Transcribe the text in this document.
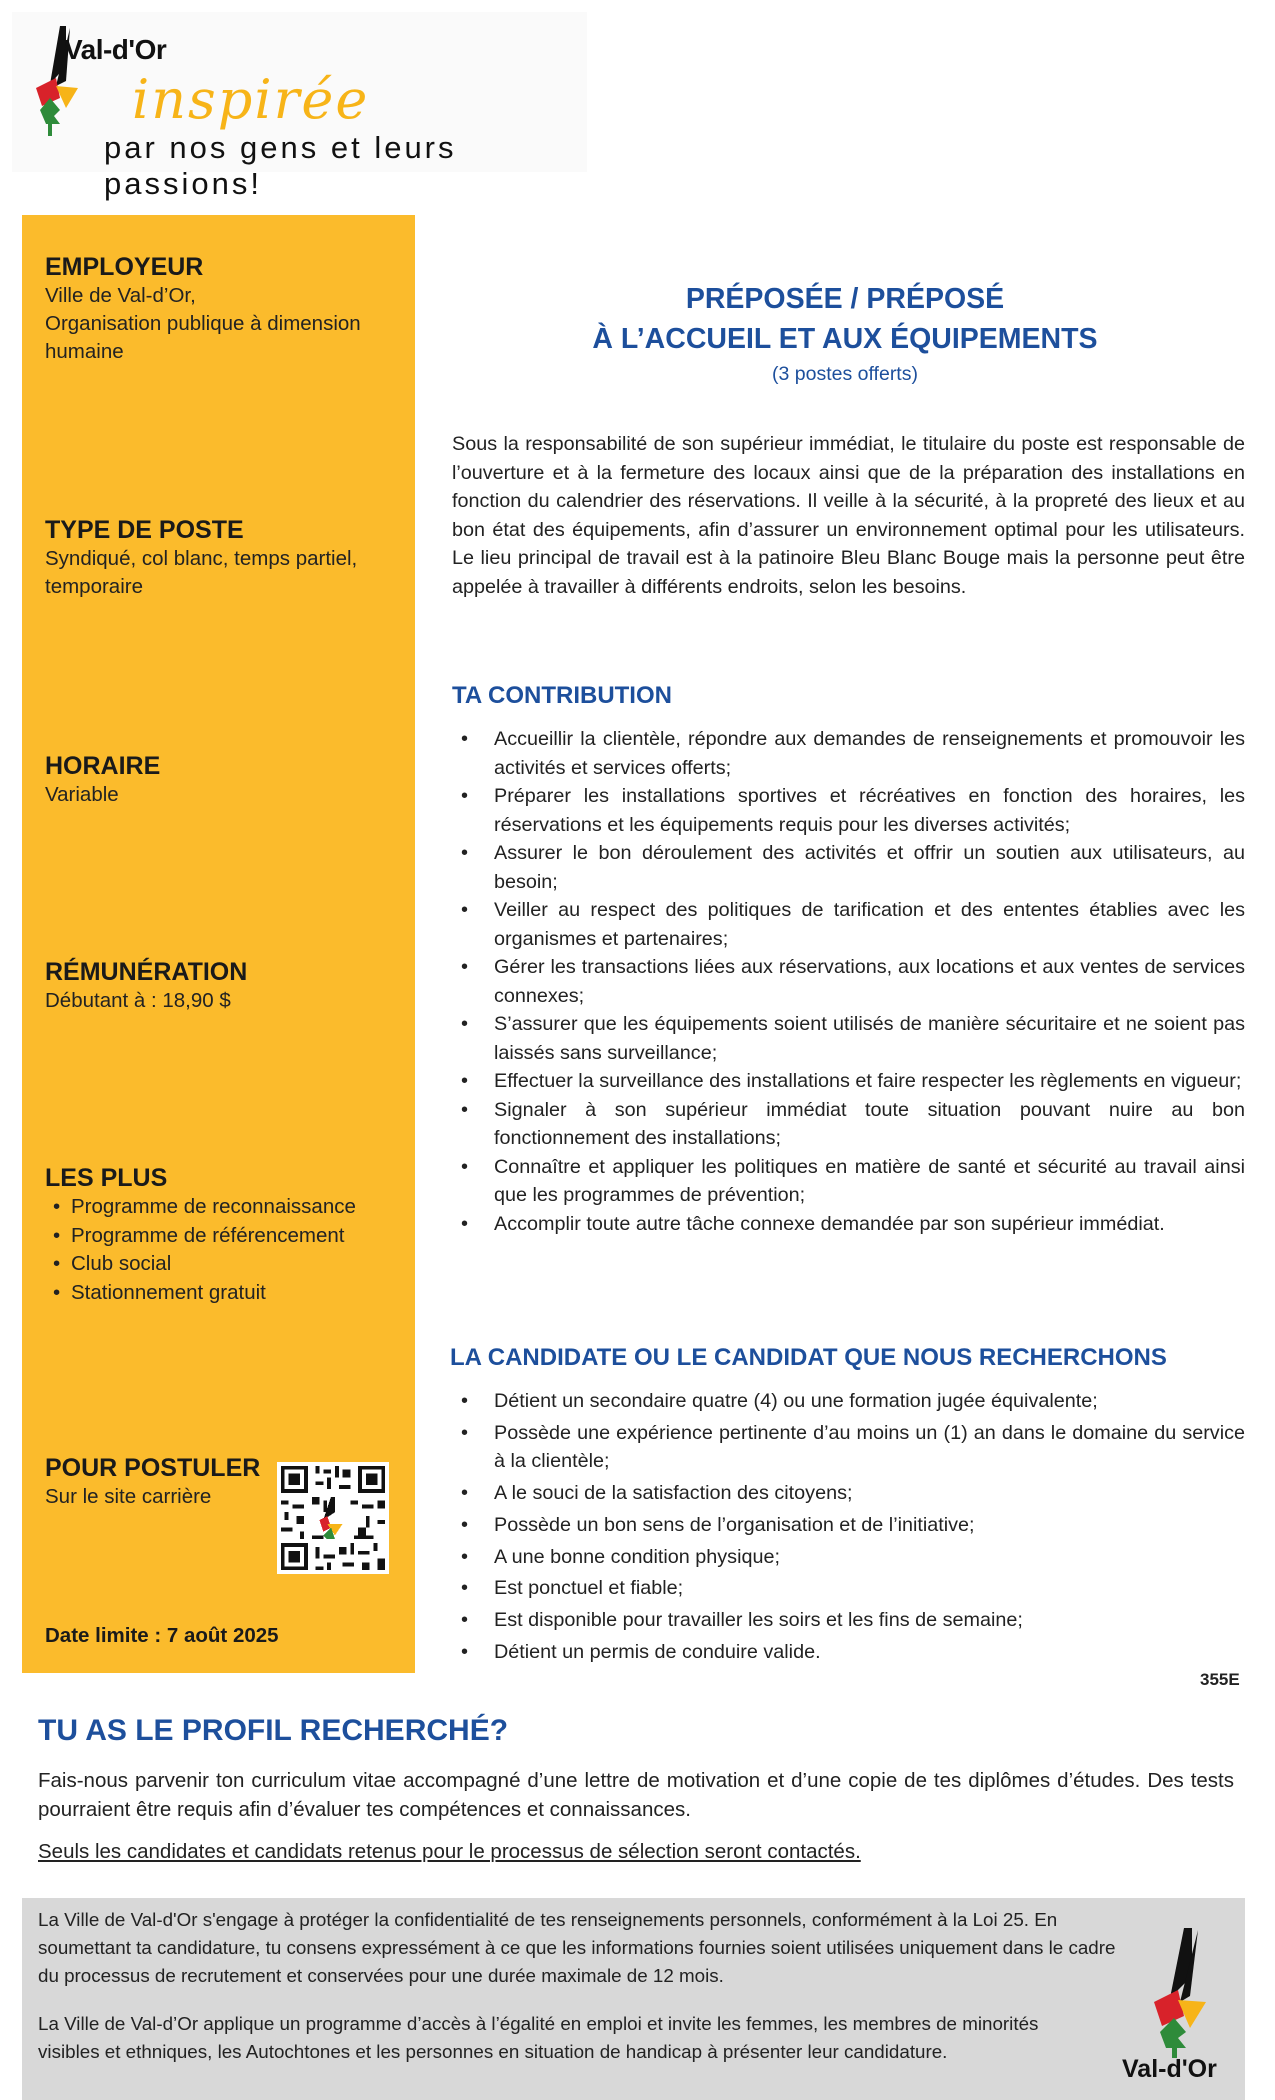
Val-d'Or
inspirée
par nos gens et leurs passions!
EMPLOYEUR
Ville de Val-d’Or,
Organisation publique à dimension
humaine
TYPE DE POSTE
Syndiqué, col blanc, temps partiel,
temporaire
HORAIRE
Variable
RÉMUNÉRATION
Débutant à : 18,90 $
LES PLUS
• Programme de reconnaissance
• Programme de référencement
• Club social
• Stationnement gratuit
POUR POSTULER
Sur le site carrière
Date limite : 7 août 2025
PRÉPOSÉE / PRÉPOSÉ
À L’ACCUEIL ET AUX ÉQUIPEMENTS
(3 postes offerts)
Sous la responsabilité de son supérieur immédiat, le titulaire du poste est responsable de l’ouverture et à la fermeture des locaux ainsi que de la préparation des installations en fonction du calendrier des réservations. Il veille à la sécurité, à la propreté des lieux et au bon état des équipements, afin d’assurer un environnement optimal pour les utilisateurs. Le lieu principal de travail est à la patinoire Bleu Blanc Bouge mais la personne peut être appelée à travailler à différents endroits, selon les besoins.
TA CONTRIBUTION
• Accueillir la clientèle, répondre aux demandes de renseignements et promouvoir les activités et services offerts;
• Préparer les installations sportives et récréatives en fonction des horaires, les réservations et les équipements requis pour les diverses activités;
• Assurer le bon déroulement des activités et offrir un soutien aux utilisateurs, au besoin;
• Veiller au respect des politiques de tarification et des ententes établies avec les organismes et partenaires;
• Gérer les transactions liées aux réservations, aux locations et aux ventes de services connexes;
• S’assurer que les équipements soient utilisés de manière sécuritaire et ne soient pas laissés sans surveillance;
• Effectuer la surveillance des installations et faire respecter les règlements en vigueur;
• Signaler à son supérieur immédiat toute situation pouvant nuire au bon fonctionnement des installations;
• Connaître et appliquer les politiques en matière de santé et sécurité au travail ainsi que les programmes de prévention;
• Accomplir toute autre tâche connexe demandée par son supérieur immédiat.
LA CANDIDATE OU LE CANDIDAT QUE NOUS RECHERCHONS
• Détient un secondaire quatre (4) ou une formation jugée équivalente;
• Possède une expérience pertinente d’au moins un (1) an dans le domaine du service à la clientèle;
• A le souci de la satisfaction des citoyens;
• Possède un bon sens de l’organisation et de l’initiative;
• A une bonne condition physique;
• Est ponctuel et fiable;
• Est disponible pour travailler les soirs et les fins de semaine;
• Détient un permis de conduire valide.
355E
TU AS LE PROFIL RECHERCHÉ?
Fais-nous parvenir ton curriculum vitae accompagné d’une lettre de motivation et d’une copie de tes diplômes d’études. Des tests pourraient être requis afin d’évaluer tes compétences et connaissances.
Seuls les candidates et candidats retenus pour le processus de sélection seront contactés.
La Ville de Val-d'Or s'engage à protéger la confidentialité de tes renseignements personnels, conformément à la Loi 25. En soumettant ta candidature, tu consens expressément à ce que les informations fournies soient utilisées uniquement dans le cadre du processus de recrutement et conservées pour une durée maximale de 12 mois.
La Ville de Val-d’Or applique un programme d’accès à l’égalité en emploi et invite les femmes, les membres de minorités visibles et ethniques, les Autochtones et les personnes en situation de handicap à présenter leur candidature.
Val-d'Or
